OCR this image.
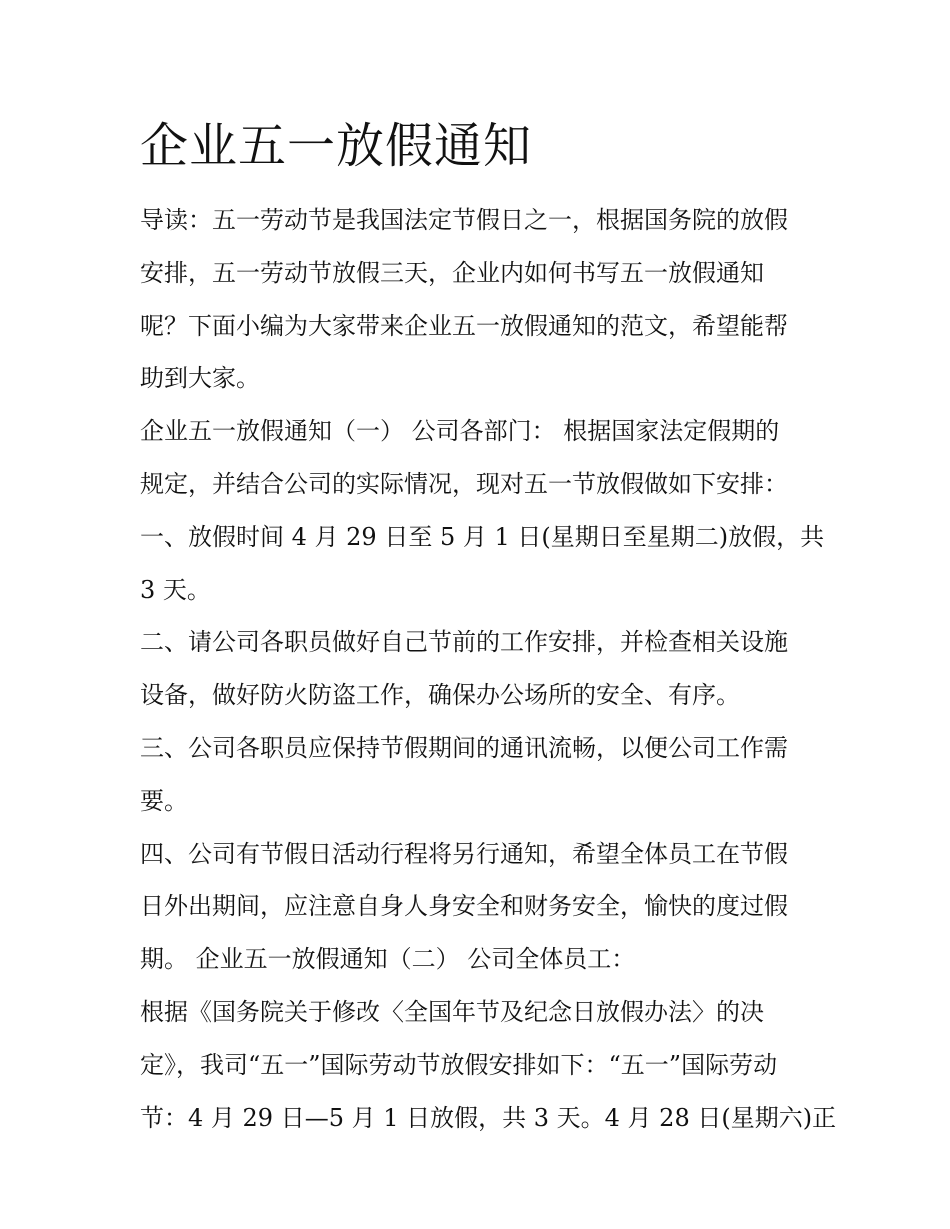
企业五一放假通知
导读：五一劳动节是我国法定节假日之一，根据国务院的放假
安排，五一劳动节放假三天，企业内如何书写五一放假通知
呢？下面小编为大家带来企业五一放假通知的范文，希望能帮
助到大家。
企业五一放假通知（一） 公司各部门： 根据国家法定假期的
规定，并结合公司的实际情况，现对五一节放假做如下安排：
一、放假时间 4 月 29 日至 5 月 1 日(星期日至星期二)放假，共
3 天。
二、请公司各职员做好自己节前的工作安排，并检查相关设施
设备，做好防火防盗工作，确保办公场所的安全、有序。
三、公司各职员应保持节假期间的通讯流畅，以便公司工作需
要。
四、公司有节假日活动行程将另行通知，希望全体员工在节假
日外出期间，应注意自身人身安全和财务安全，愉快的度过假
期。 企业五一放假通知（二） 公司全体员工：
根据《国务院关于修改〈全国年节及纪念日放假办法〉的决
定》，我司“五一”国际劳动节放假安排如下：“五一”国际劳动
节：4 月 29 日—5 月 1 日放假，共 3 天。4 月 28 日(星期六)正
